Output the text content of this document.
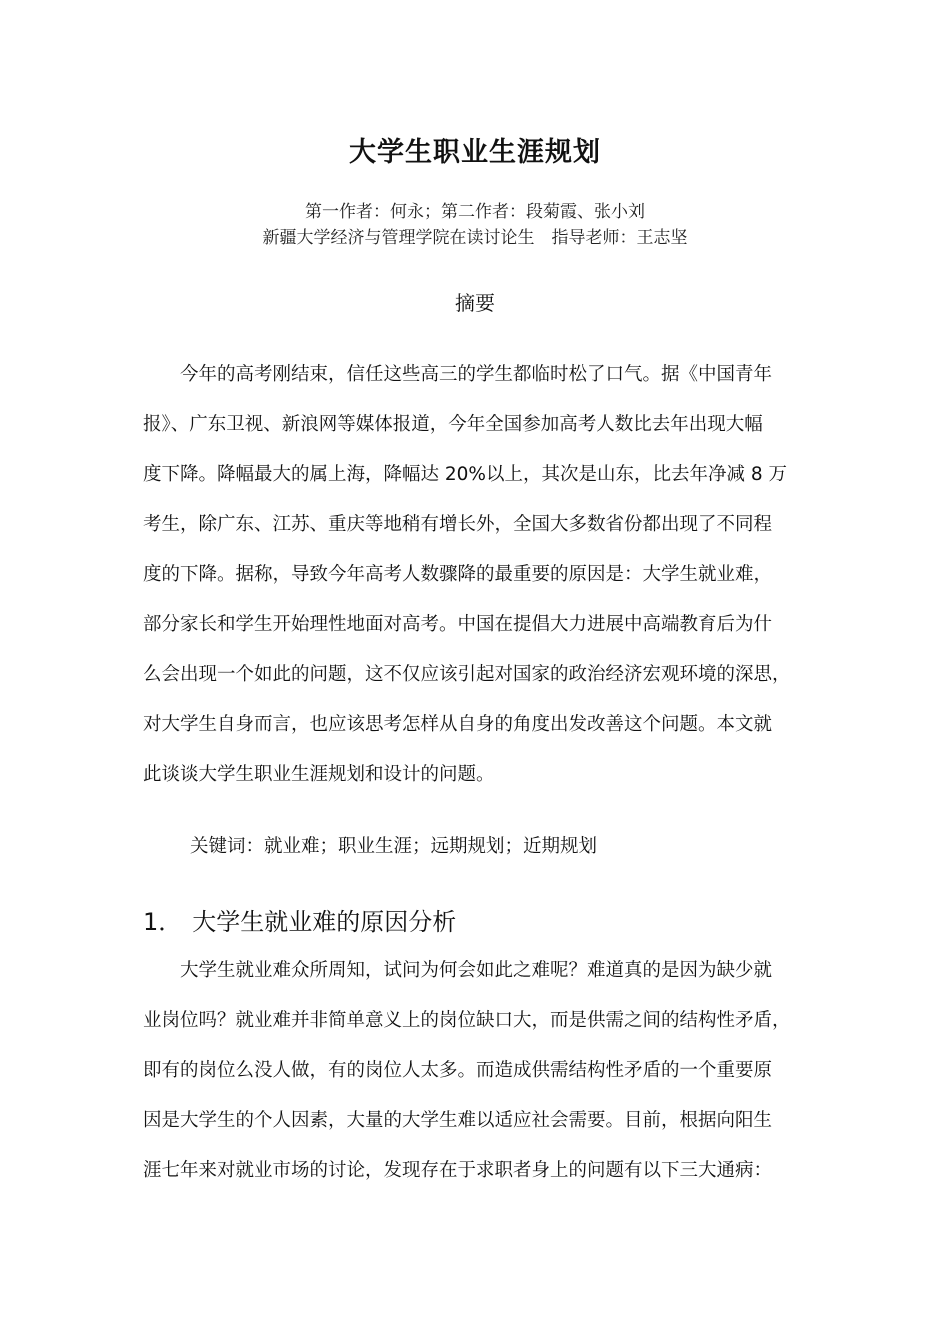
大学生职业生涯规划
第一作者：何永；第二作者：段菊霞、张小刘
新疆大学经济与管理学院在读讨论生　指导老师：王志坚
摘要
　　今年的高考刚结束，信任这些高三的学生都临时松了口气。据《中国青年
报》、广东卫视、新浪网等媒体报道，今年全国参加高考人数比去年出现大幅
度下降。降幅最大的属上海，降幅达 20%以上，其次是山东，比去年净减 8 万
考生，除广东、江苏、重庆等地稍有增长外，全国大多数省份都出现了不同程
度的下降。据称，导致今年高考人数骤降的最重要的原因是：大学生就业难，
部分家长和学生开始理性地面对高考。中国在提倡大力进展中高端教育后为什
么会出现一个如此的问题，这不仅应该引起对国家的政治经济宏观环境的深思，
对大学生自身而言，也应该思考怎样从自身的角度出发改善这个问题。本文就
此谈谈大学生职业生涯规划和设计的问题。

关键词：就业难；职业生涯；远期规划；近期规划

1． 大学生就业难的原因分析
　　大学生就业难众所周知，试问为何会如此之难呢？难道真的是因为缺少就
业岗位吗？就业难并非简单意义上的岗位缺口大，而是供需之间的结构性矛盾，
即有的岗位么没人做，有的岗位人太多。而造成供需结构性矛盾的一个重要原
因是大学生的个人因素，大量的大学生难以适应社会需要。目前，根据向阳生
涯七年来对就业市场的讨论，发现存在于求职者身上的问题有以下三大通病：
